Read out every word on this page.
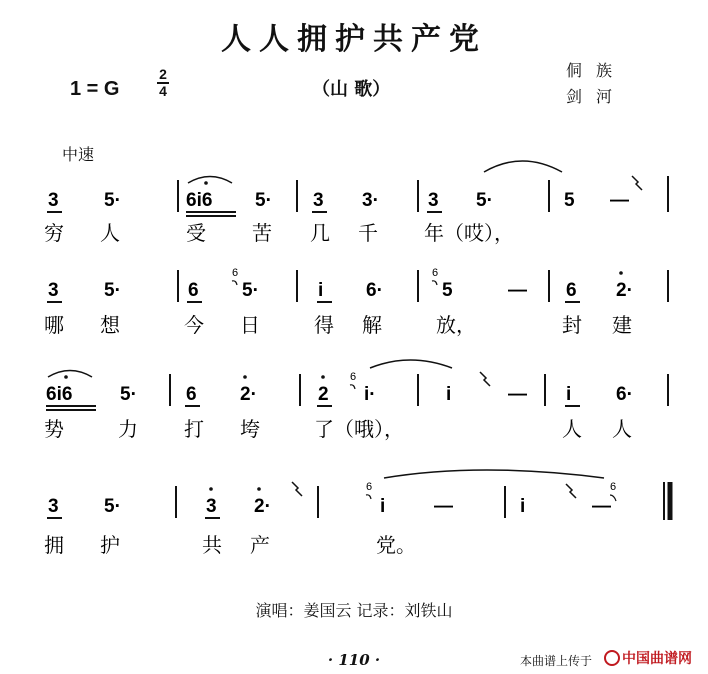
人人拥护共产党
1 = G
2
4	（山 歌）
侗族
剑河
中速
3 5·	6i6 5· 3 3·	3 5·	5 —
穷 人	受 苦 几 千 年（哎），
3 5·	6
6
5·	i 6·
6
5	— 6 2·
哪 想	今 日	得 解	放，	封 建
6i6	5·	6 2·	2
6
i·	i	— i 6·
势	力 打 垮	了（哦），	人 人
3 5·	3 2·
6
i	—	i	—
6
拥 护	共 产	党。
演唱：姜国云 记录：刘铁山
· 110 ·	本曲谱上传于	中国曲谱网
